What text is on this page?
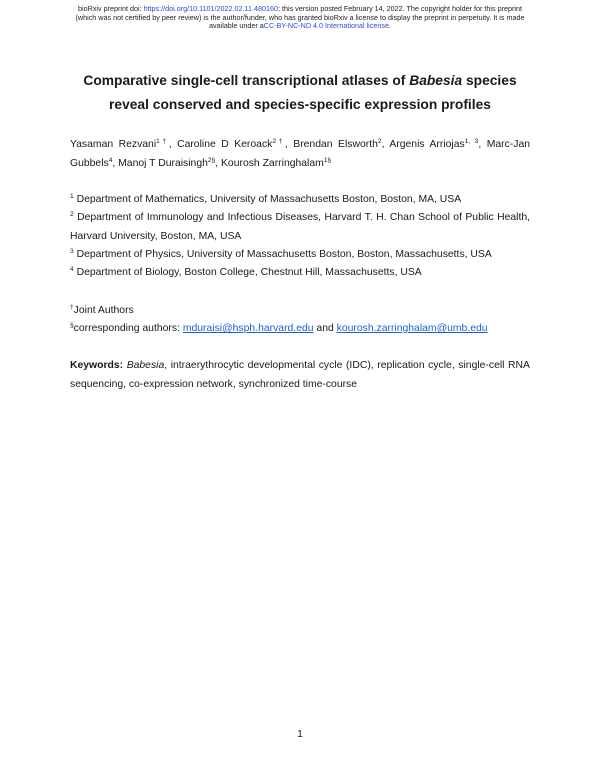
bioRxiv preprint doi: https://doi.org/10.1101/2022.02.11.480160; this version posted February 14, 2022. The copyright holder for this preprint
(which was not certified by peer review) is the author/funder, who has granted bioRxiv a license to display the preprint in perpetuity. It is made
available under aCC-BY-NC-ND 4.0 International license.
Comparative single-cell transcriptional atlases of Babesia species
reveal conserved and species-specific expression profiles
Yasaman Rezvani$^{1\dagger}$, Caroline D Keroack$^{2\dagger}$, Brendan Elsworth$^2$, Argenis Arriojas$^{1, 3}$, Marc-Jan Gubbels$^4$, Manoj T Duraisingh$^{2\S}$, Kourosh Zarringhalam$^{1\S}$
$^1$ Department of Mathematics, University of Massachusetts Boston, Boston, MA, USA
$^2$ Department of Immunology and Infectious Diseases, Harvard T. H. Chan School of Public Health, Harvard University, Boston, MA, USA
$^3$ Department of Physics, University of Massachusetts Boston, Boston, Massachusetts, USA
$^4$ Department of Biology, Boston College, Chestnut Hill, Massachusetts, USA
†Joint Authors
§corresponding authors: mduraisi@hsph.harvard.edu and kourosh.zarringhalam@umb.edu
Keywords: Babesia, intraerythrocytic developmental cycle (IDC), replication cycle, single-cell RNA sequencing, co-expression network, synchronized time-course
1
